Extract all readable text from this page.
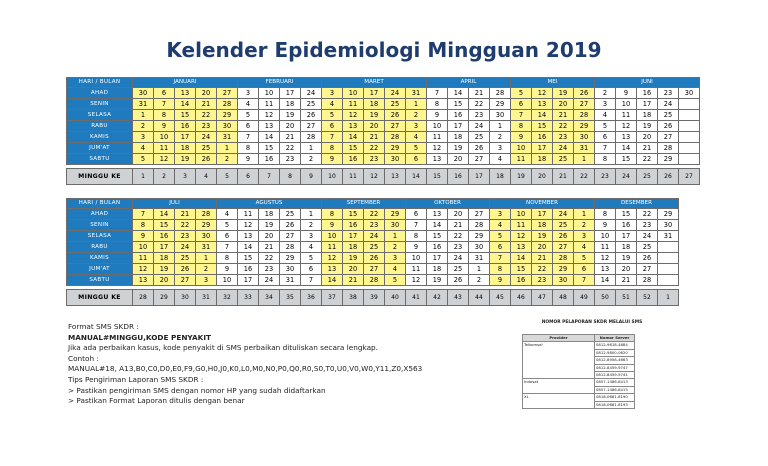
Kelender Epidemiologi Mingguan 2019
HARI / BULAN	JANUARI					FEBRUARI				MARET					APRIL				MEI				JUNI				
AHAD	30	6	13	20	27	3	10	17	24	3	10	17	24	31	7	14	21	28	5	12	19	26	2	9	16	23	30
SENIN	31	7	14	21	28	4	11	18	25	4	11	18	25	1	8	15	22	29	6	13	20	27	3	10	17	24	
SELASA	1	8	15	22	29	5	12	19	26	5	12	19	26	2	9	16	23	30	7	14	21	28	4	11	18	25	
RABU	2	9	16	23	30	6	13	20	27	6	13	20	27	3	10	17	24	1	8	15	22	29	5	12	19	26	
KAMIS	3	10	17	24	31	7	14	21	28	7	14	21	28	4	11	18	25	2	9	16	23	30	6	13	20	27	
JUM'AT	4	11	18	25	1	8	15	22	1	8	15	22	29	5	12	19	26	3	10	17	24	31	7	14	21	28	
SABTU	5	12	19	26	2	9	16	23	2	9	16	23	30	6	13	20	27	4	11	18	25	1	8	15	22	29	

MINGGU KE	1	2	3	4	5	6	7	8	9	10	11	12	13	14	15	16	17	18	19	20	21	22	23	24	25	26	27
HARI / BULAN	JULI				AGUSTUS					SEPTEMBER				OKTOBER				NOVEMBER					DESEMBER			
AHAD	7	14	21	28	4	11	18	25	1	8	15	22	29	6	13	20	27	3	10	17	24	1	8	15	22	29
SENIN	8	15	22	29	5	12	19	26	2	9	16	23	30	7	14	21	28	4	11	18	25	2	9	16	23	30
SELASA	9	16	23	30	6	13	20	27	3	10	17	24	1	8	15	22	29	5	12	19	26	3	10	17	24	31
RABU	10	17	24	31	7	14	21	28	4	11	18	25	2	9	16	23	30	6	13	20	27	4	11	18	25	
KAMIS	11	18	25	1	8	15	22	29	5	12	19	26	3	10	17	24	31	7	14	21	28	5	12	19	26	
JUM'AT	12	19	26	2	9	16	23	30	6	13	20	27	4	11	18	25	1	8	15	22	29	6	13	20	27	
SABTU	13	20	27	3	10	17	24	31	7	14	21	28	5	12	19	26	2	9	16	23	30	7	14	21	28	

MINGGU KE	28	29	30	31	32	33	34	35	36	37	38	39	40	41	42	43	44	45	46	47	48	49	50	51	52	1
Format SMS SKDR :
MANUAL#MINGGU,KODE PENYAKIT
Jika ada perbaikan kasus, kode penyakit di SMS perbaikan dituliskan secara lengkap.
Contoh :
MANUAL#18, A13,B0,C0,D0,E0,F9,G0,H0,J0,K0,L0,M0,N0,P0,Q0,R0,S0,T0,U0,V0,W0,Y11,Z0,X563
Tips Pengiriman Laporan SMS SKDR :
> Pastikan pengiriman SMS dengan nomor HP yang sudah didaftarkan
> Pastikan Format Laporan ditulis dengan benar
NOMOR PELAPORAN SKDR MELALUI SMS
Provider	Nomor Server
Telkomsel	0812-9618-4884
	0812-9800-0620
	0812-8958-4663
	0812-8459-9747
	0812-8459-9741
Indosat	0857-1486-8413
	0857-1486-8415
XL	0818-0681-8190
	0818-0681-8193
